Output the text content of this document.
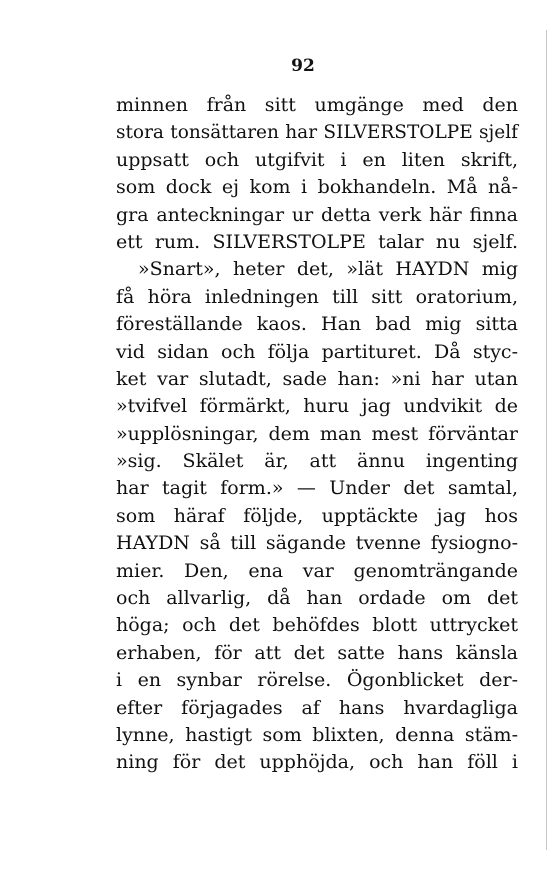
92
minnen från sitt umgänge med den
stora tonsättaren har SILVERSTOLPE sjelf
uppsatt och utgifvit i en liten skrift,
som dock ej kom i bokhandeln. Må nå-
gra anteckningar ur detta verk här finna
ett rum. SILVERSTOLPE talar nu sjelf.
»Snart», heter det, »lät HAYDN mig
få höra inledningen till sitt oratorium,
föreställande kaos. Han bad mig sitta
vid sidan och följa partituret. Då styc-
ket var slutadt, sade han: »ni har utan
»tvifvel förmärkt, huru jag undvikit de
»upplösningar, dem man mest förväntar
»sig. Skälet är, att ännu ingenting
har tagit form.» — Under det samtal,
som häraf följde, upptäckte jag hos
HAYDN så till sägande tvenne fysiogno-
mier. Den, ena var genomträngande
och allvarlig, då han ordade om det
höga; och det behöfdes blott uttrycket
erhaben, för att det satte hans känsla
i en synbar rörelse. Ögonblicket der-
efter förjagades af hans hvardagliga
lynne, hastigt som blixten, denna stäm-
ning för det upphöjda, och han föll i
